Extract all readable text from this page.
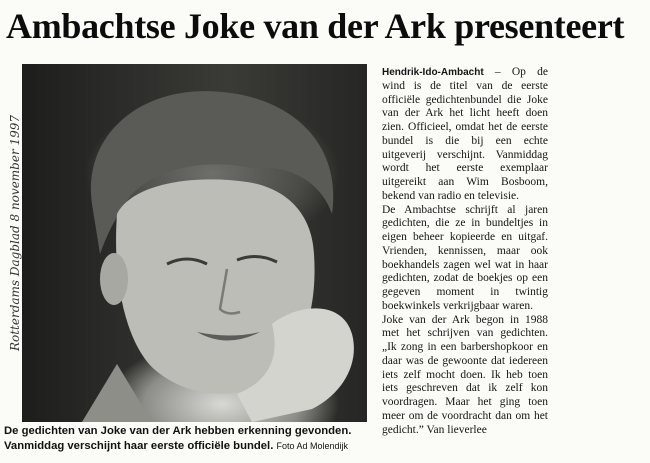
Ambachtse Joke van der Ark presenteert
Rotterdams Dagblad 8 november 1997
De gedichten van Joke van der Ark hebben erkenning gevonden. Vanmiddag verschijnt haar eerste officiële bundel. Foto Ad Molendijk

Hendrik-Ido-Ambacht – Op de wind is de titel van de eerste officiële gedichtenbundel die Joke van der Ark het licht heeft doen zien. Officieel, omdat het de eerste bundel is die bij een echte uitgeverij verschijnt. Vanmiddag wordt het eerste exemplaar uitgereikt aan Wim Bosboom, bekend van radio en televisie.

De Ambachtse schrijft al jaren gedichten, die ze in bundeltjes in eigen beheer kopieerde en uitgaf. Vrienden, kennissen, maar ook boekhandels zagen wel wat in haar gedichten, zodat de boekjes op een gegeven moment in twintig boekwinkels verkrijgbaar waren.

Joke van der Ark begon in 1988 met het schrijven van gedichten. „Ik zong in een barbershopkoor en daar was de gewoonte dat iedereen iets zelf mocht doen. Ik heb toen iets geschreven dat ik zelf kon voordragen. Maar het ging toen meer om de voordracht dan om het gedicht.” Van lieverlee
